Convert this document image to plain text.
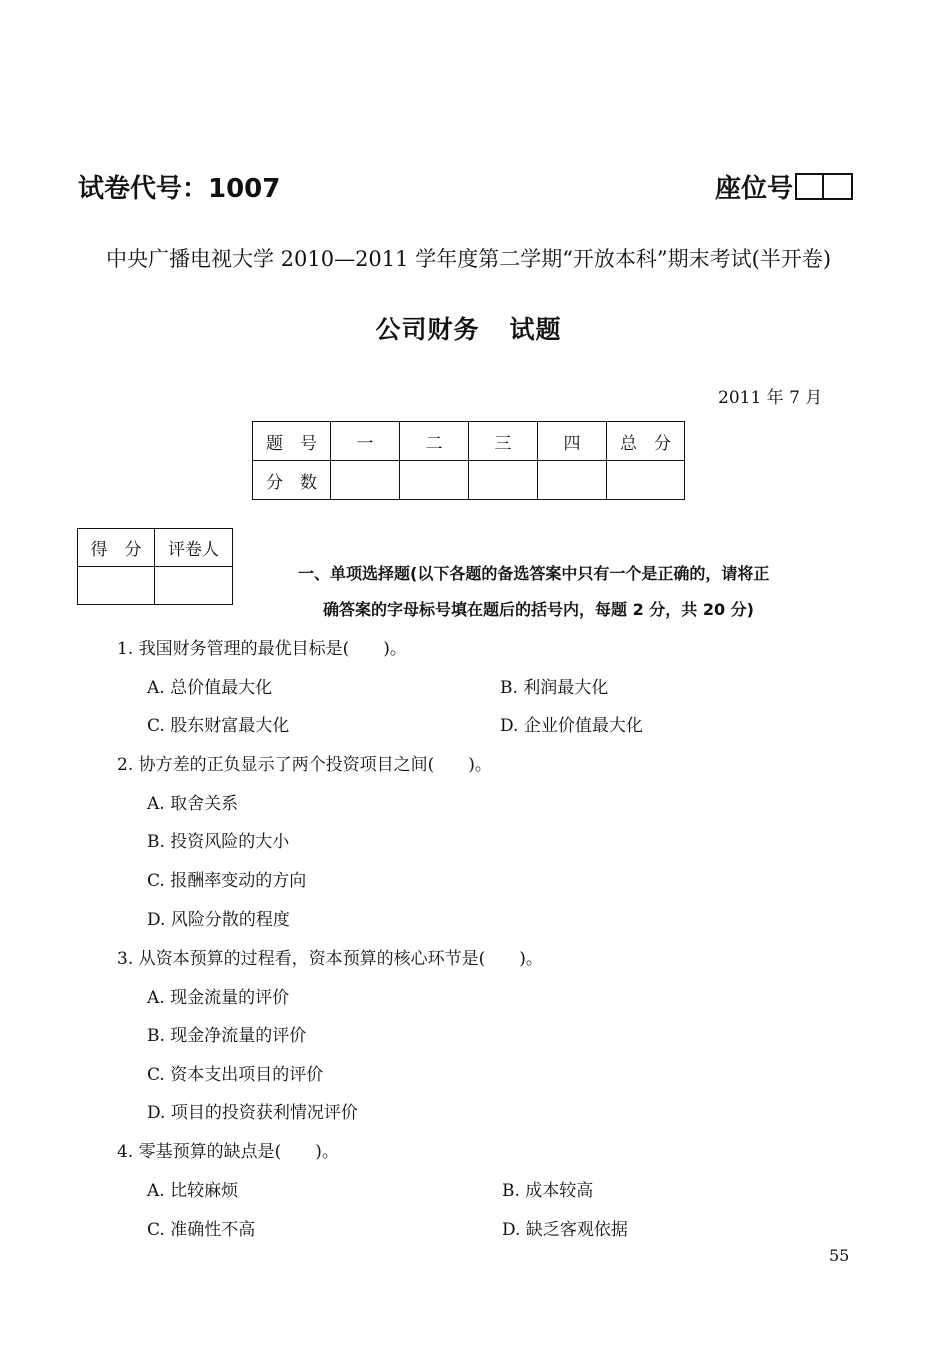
试卷代号：1007	座位号
中央广播电视大学 2010—2011 学年度第二学期“开放本科”期末考试(半开卷)
公司财务 试题
2011 年 7 月
题　号	一	二	三	四	总　分
分　数					
得　分	评卷人

一、单项选择题(以下各题的备选答案中只有一个是正确的，请将正
确答案的字母标号填在题后的括号内，每题 2 分，共 20 分)
1. 我国财务管理的最优目标是(　　)。
A. 总价值最大化	B. 利润最大化
C. 股东财富最大化	D. 企业价值最大化
2. 协方差的正负显示了两个投资项目之间(　　)。
A. 取舍关系
B. 投资风险的大小
C. 报酬率变动的方向
D. 风险分散的程度
3. 从资本预算的过程看，资本预算的核心环节是(　　)。
A. 现金流量的评价
B. 现金净流量的评价
C. 资本支出项目的评价
D. 项目的投资获利情况评价
4. 零基预算的缺点是(　　)。
A. 比较麻烦	B. 成本较高
C. 准确性不高	D. 缺乏客观依据
55
